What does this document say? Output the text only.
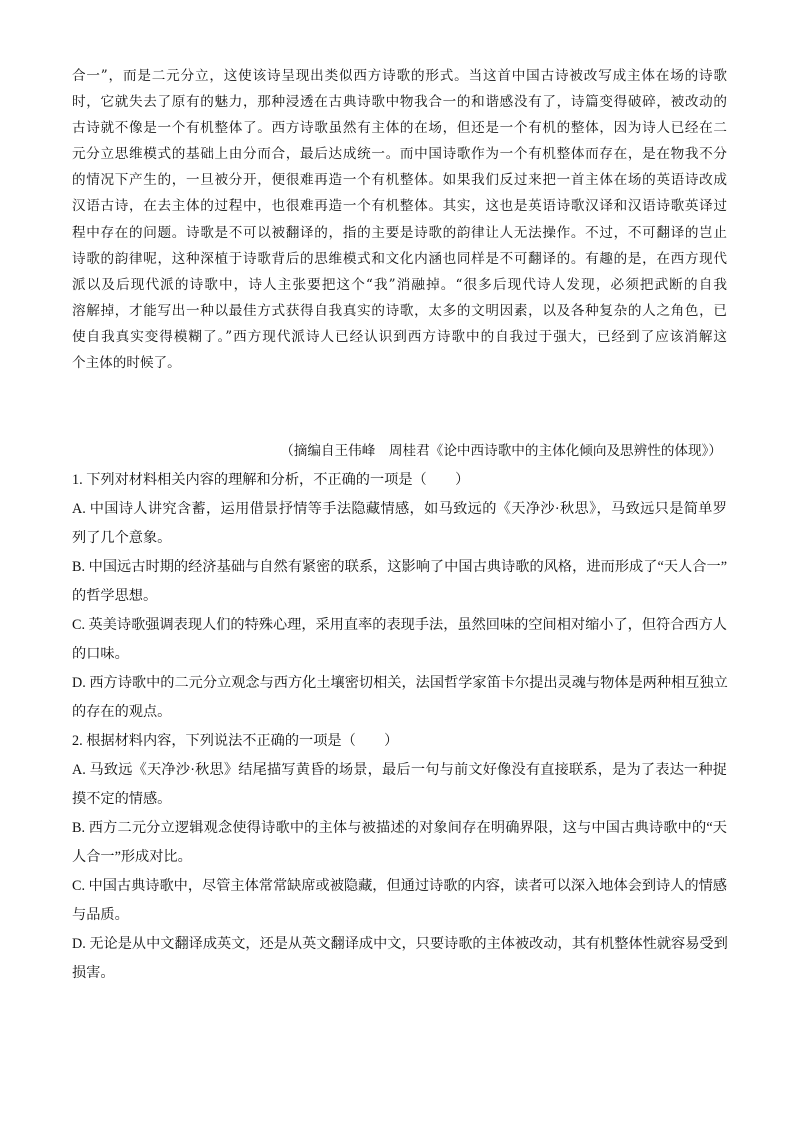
合一”，而是二元分立，这使该诗呈现出类似西方诗歌的形式。当这首中国古诗被改写成主体在场的诗歌
时，它就失去了原有的魅力，那种浸透在古典诗歌中物我合一的和谐感没有了，诗篇变得破碎，被改动的
古诗就不像是一个有机整体了。西方诗歌虽然有主体的在场，但还是一个有机的整体，因为诗人已经在二
元分立思维模式的基础上由分而合，最后达成统一。而中国诗歌作为一个有机整体而存在，是在物我不分
的情况下产生的，一旦被分开，便很难再造一个有机整体。如果我们反过来把一首主体在场的英语诗改成
汉语古诗，在去主体的过程中，也很难再造一个有机整体。其实，这也是英语诗歌汉译和汉语诗歌英译过
程中存在的问题。诗歌是不可以被翻译的，指的主要是诗歌的韵律让人无法操作。不过，不可翻译的岂止
诗歌的韵律呢，这种深植于诗歌背后的思维模式和文化内涵也同样是不可翻译的。有趣的是，在西方现代
派以及后现代派的诗歌中，诗人主张要把这个“我”消融掉。“很多后现代诗人发现，必须把武断的自我
溶解掉，才能写出一种以最佳方式获得自我真实的诗歌，太多的文明因素，以及各种复杂的人之角色，已
使自我真实变得模糊了。”西方现代派诗人已经认识到西方诗歌中的自我过于强大，已经到了应该消解这
个主体的时候了。
（摘编自王伟峰　周桂君《论中西诗歌中的主体化倾向及思辨性的体现》）
1. 下列对材料相关内容的理解和分析，不正确的一项是（　　）
A. 中国诗人讲究含蓄，运用借景抒情等手法隐藏情感，如马致远的《天净沙·秋思》，马致远只是简单罗
列了几个意象。
B. 中国远古时期的经济基础与自然有紧密的联系，这影响了中国古典诗歌的风格，进而形成了“天人合一”
的哲学思想。
C. 英美诗歌强调表现人们的特殊心理，采用直率的表现手法，虽然回味的空间相对缩小了，但符合西方人
的口味。
D. 西方诗歌中的二元分立观念与西方化土壤密切相关，法国哲学家笛卡尔提出灵魂与物体是两种相互独立
的存在的观点。
2. 根据材料内容，下列说法不正确的一项是（　　）
A. 马致远《天净沙·秋思》结尾描写黄昏的场景，最后一句与前文好像没有直接联系，是为了表达一种捉
摸不定的情感。
B. 西方二元分立逻辑观念使得诗歌中的主体与被描述的对象间存在明确界限，这与中国古典诗歌中的“天
人合一”形成对比。
C. 中国古典诗歌中，尽管主体常常缺席或被隐藏，但通过诗歌的内容，读者可以深入地体会到诗人的情感
与品质。
D. 无论是从中文翻译成英文，还是从英文翻译成中文，只要诗歌的主体被改动，其有机整体性就容易受到
损害。
